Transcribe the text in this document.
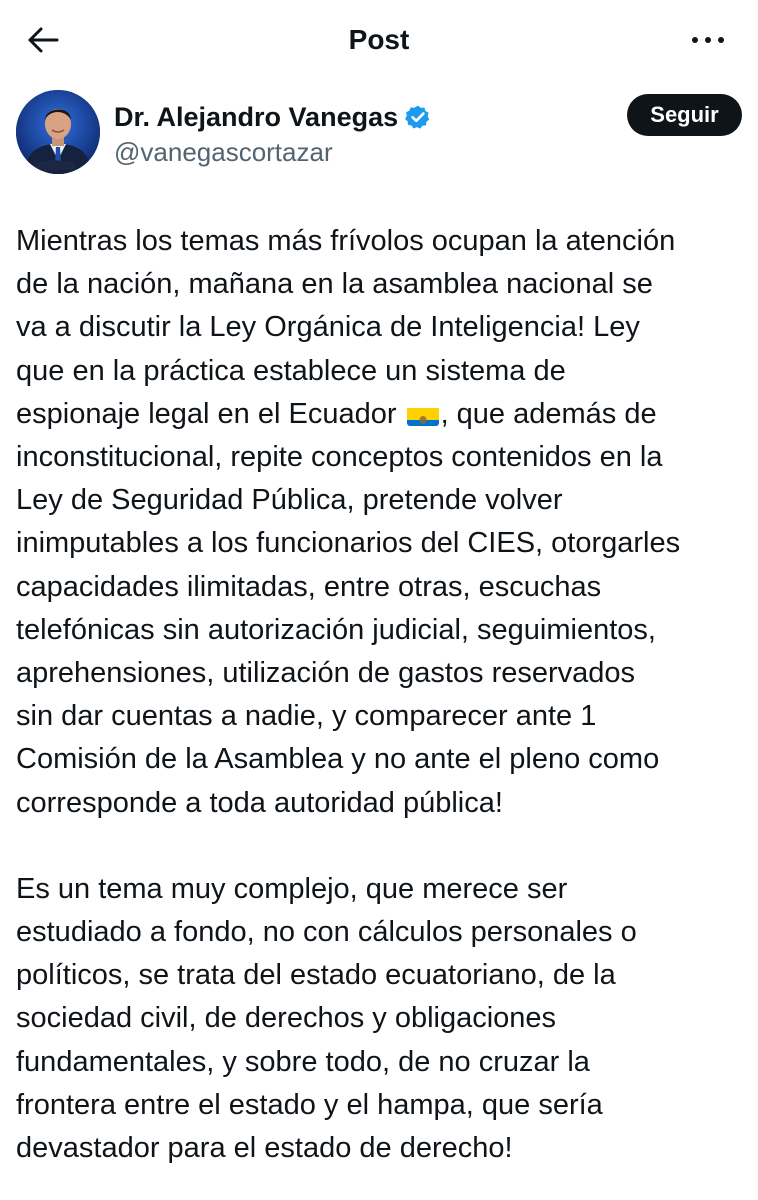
Post
Dr. Alejandro Vanegas
@vanegascortazar
Seguir

Mientras los temas más frívolos ocupan la atención
de la nación, mañana en la asamblea nacional se
va a discutir la Ley Orgánica de Inteligencia! Ley
que en la práctica establece un sistema de
espionaje legal en el Ecuador , que además de
inconstitucional, repite conceptos contenidos en la
Ley de Seguridad Pública, pretende volver
inimputables a los funcionarios del CIES, otorgarles
capacidades ilimitadas, entre otras, escuchas
telefónicas sin autorización judicial, seguimientos,
aprehensiones, utilización de gastos reservados
sin dar cuentas a nadie, y comparecer ante 1
Comisión de la Asamblea y no ante el pleno como
corresponde a toda autoridad pública!

Es un tema muy complejo, que merece ser
estudiado a fondo, no con cálculos personales o
políticos, se trata del estado ecuatoriano, de la
sociedad civil, de derechos y obligaciones
fundamentales, y sobre todo, de no cruzar la
frontera entre el estado y el hampa, que sería
devastador para el estado de derecho!
